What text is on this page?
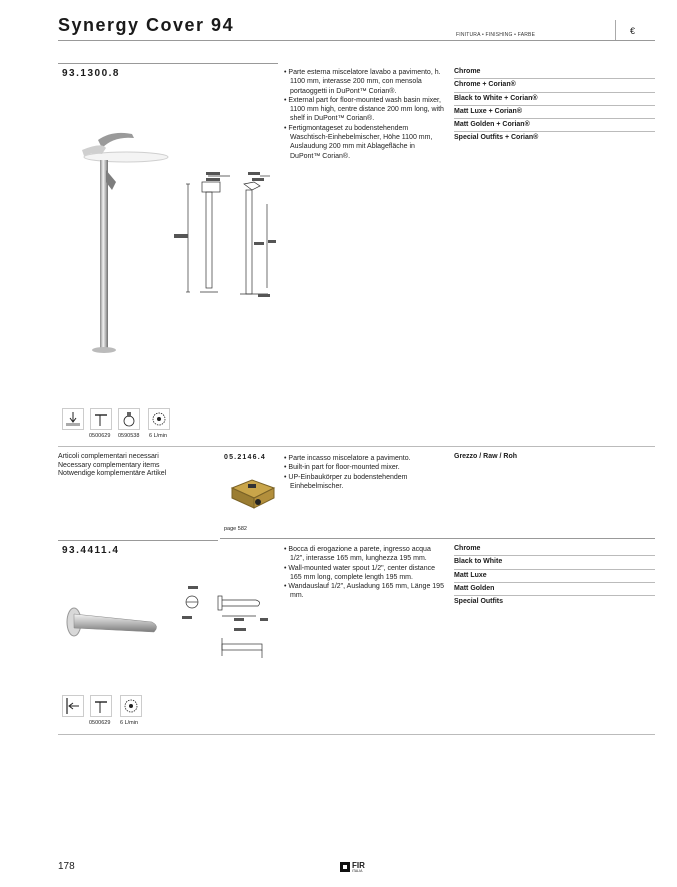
Synergy Cover 94	FINITURA • FINISHING • FARBE	€
93.1300.8	• Parte esterna miscelatore lavabo a pavimento, h. 1100 mm, interasse 200 mm, con mensola portaoggetti in DuPont™ Corian®.
• External part for floor-mounted wash basin mixer, 1100 mm high, centre distance 200 mm long, with shelf in DuPont™ Corian®.
• Fertigmontageset zu bodenstehendem Waschtisch-Einhebelmischer, Höhe 1100 mm, Auslaudung 200 mm mit Ablagefläche in DuPont™ Corian®.
Chrome
Chrome + Corian®
Black to White + Corian®
Matt Luxe + Corian®
Matt Golden + Corian®
Special Outfits + Corian®
0500629 0590538 6 L/min
Articoli complementari necessari
Necessary complementary items
Notwendige komplementäre Artikel
05.2146.4	• Parte incasso miscelatore a pavimento.
• Built-in part for floor-mounted mixer.
• UP-Einbaukörper zu bodenstehendem Einhebelmischer.
Grezzo / Raw / Roh
page 582
93.4411.4	• Bocca di erogazione a parete, ingresso acqua 1/2", interasse 165 mm, lunghezza 195 mm.
• Wall-mounted water spout 1/2", center distance 165 mm long, complete length 195 mm.
• Wandauslauf 1/2", Ausladung 165 mm, Länge 195 mm.
Chrome
Black to White
Matt Luxe
Matt Golden
Special Outfits
0500629 6 L/min
178	FIR
ITALIA
